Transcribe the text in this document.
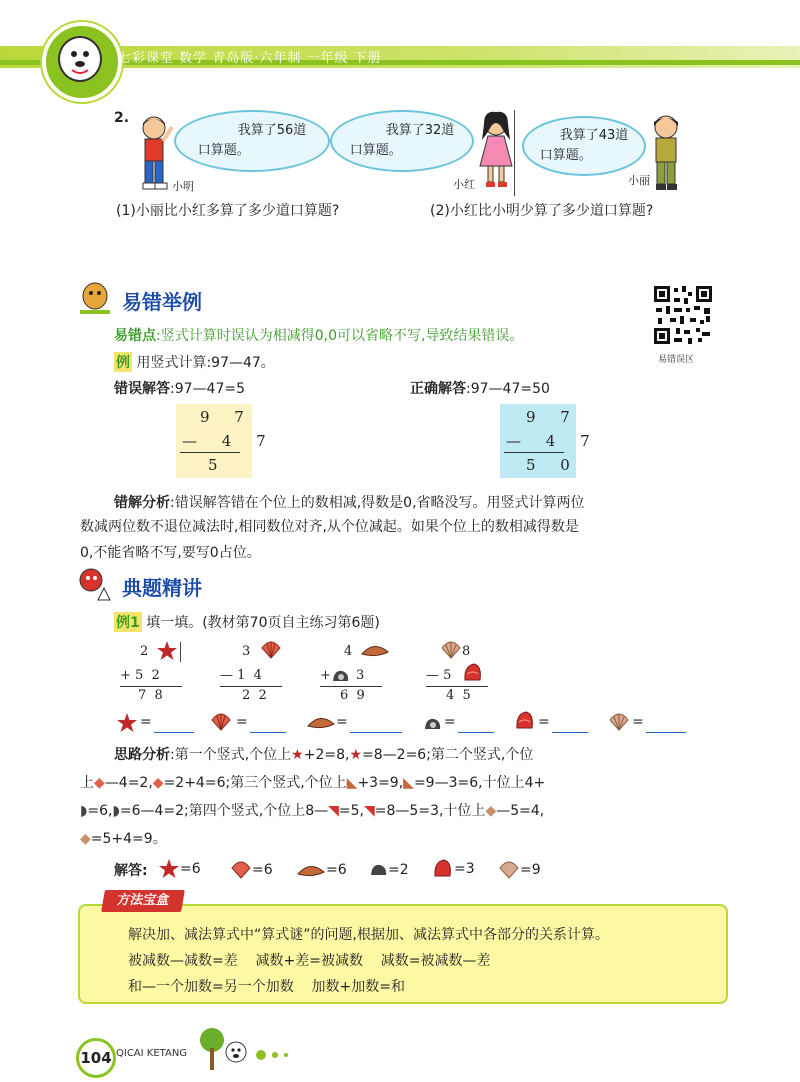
七彩课堂 数学 青岛版·六年制 一年级 下册
2.
小明
我算了56道
口算题。
我算了32道
口算题。
小红
我算了43道
口算题。
小丽
(1)小丽比小红多算了多少道口算题?	(2)小红比小明少算了多少道口算题?
易错举例
易错误区
易错点:竖式计算时误认为相减得0,0可以省略不写,导致结果错误。
例 用竖式计算:97—47。
错误解答:97—47=5	正确解答:97—47=50
9 7
— 4 7
5
9 7
— 4 7
5 0
错解分析:错误解答错在个位上的数相减,得数是0,省略没写。用竖式计算两位
数减两位数不退位减法时,相同数位对齐,从个位减起。如果个位上的数相减得数是
0,不能省略不写,要写0占位。
典题精讲
例1 填一填。(教材第70页自主练习第6题)
2
+ 5  2
7  8
3
— 1  4
2  2
4
+ 3
6  9
8
— 5
4  5
=	=	=	=	=	=
思路分析:第一个竖式,个位上★+2=8,★=8—2=6;第二个竖式,个位
上◆—4=2,◆=2+4=6;第三个竖式,个位上◣+3=9,◣=9—3=6,十位上4+
◗=6,◗=6—4=2;第四个竖式,个位上8—◥=5,◥=8—5=3,十位上◆—5=4,
◆=5+4=9。
解答: =6	=6	=6	=2	=3	=9
方法宝盒
解决加、减法算式中“算式谜”的问题,根据加、减法算式中各部分的关系计算。
被减数—减数=差    减数+差=被减数    减数=被减数—差
和—一个加数=另一个加数    加数+加数=和
104 QICAI KETANG
